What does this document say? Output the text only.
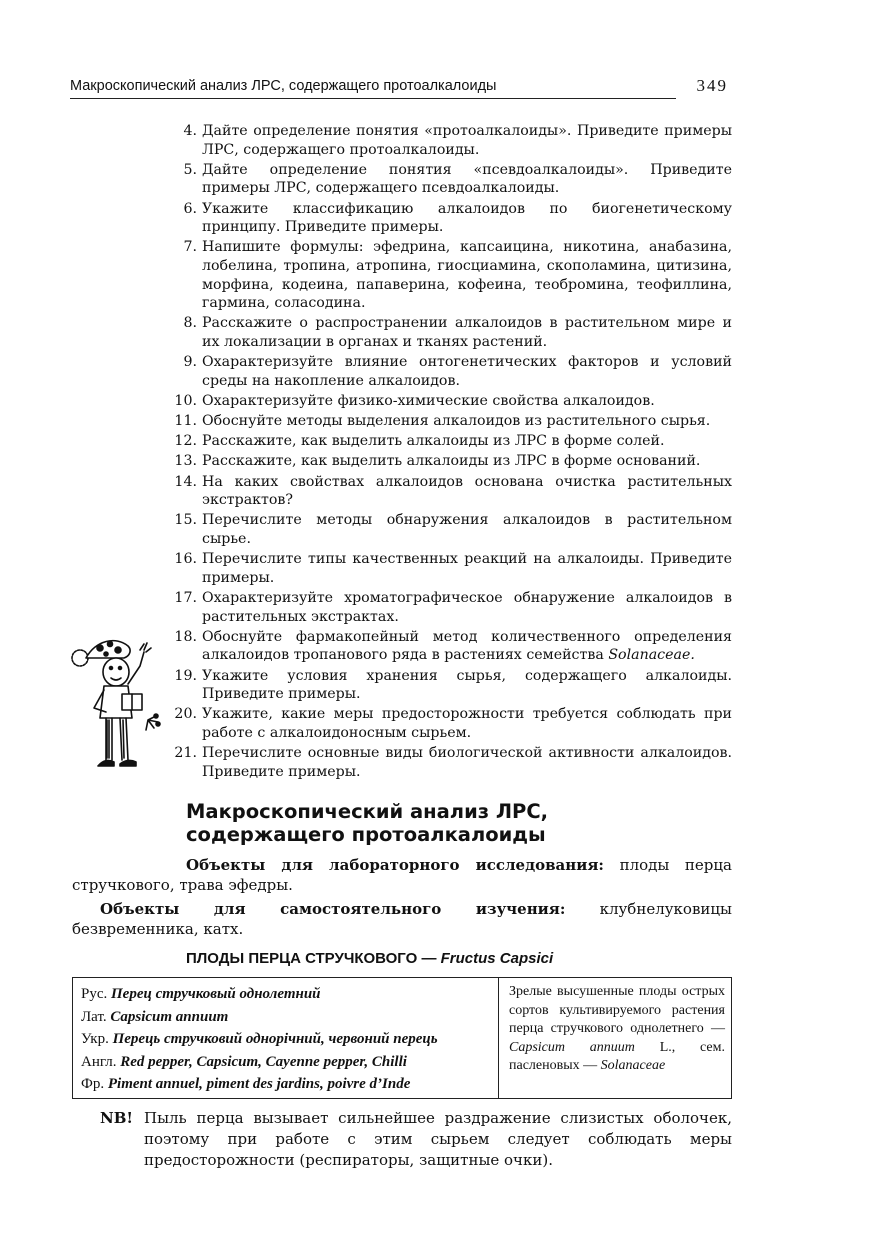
Макроскопический анализ ЛРС, содержащего протоалкалоиды	349
4. Дайте определение понятия «протоалкалоиды». Приведите примеры ЛРС, содержащего протоалкалоиды.
5. Дайте определение понятия «псевдоалкалоиды». Приведите примеры ЛРС, содержащего псевдоалкалоиды.
6. Укажите классификацию алкалоидов по биогенетическому принципу. Приведите примеры.
7. Напишите формулы: эфедрина, капсаицина, никотина, анабазина, лобелина, тропина, атропина, гиосциамина, скополамина, цитизина, морфина, кодеина, папаверина, кофеина, теобромина, теофиллина, гармина, соласодина.
8. Расскажите о распространении алкалоидов в растительном мире и их локализации в органах и тканях растений.
9. Охарактеризуйте влияние онтогенетических факторов и условий среды на накопление алкалоидов.
10. Охарактеризуйте физико-химические свойства алкалоидов.
11. Обоснуйте методы выделения алкалоидов из растительного сырья.
12. Расскажите, как выделить алкалоиды из ЛРС в форме солей.
13. Расскажите, как выделить алкалоиды из ЛРС в форме оснований.
14. На каких свойствах алкалоидов основана очистка растительных экстрактов?
15. Перечислите методы обнаружения алкалоидов в растительном сырье.
16. Перечислите типы качественных реакций на алкалоиды. Приведите примеры.
17. Охарактеризуйте хроматографическое обнаружение алкалоидов в растительных экстрактах.
18. Обоснуйте фармакопейный метод количественного определения алкалоидов тропанового ряда в растениях семейства Solanaceae.
19. Укажите условия хранения сырья, содержащего алкалоиды. Приведите примеры.
20. Укажите, какие меры предосторожности требуется соблюдать при работе с алкалоидоносным сырьем.
21. Перечислите основные виды биологической активности алкалоидов. Приведите примеры.
Макроскопический анализ ЛРС,
содержащего протоалкалоиды
Объекты для лабораторного исследования: плоды перца стручкового, трава эфедры.
Объекты для самостоятельного изучения: клубнелуковицы безвременника, катх.
ПЛОДЫ ПЕРЦА СТРУЧКОВОГО — Fructus Capsici
Рус. Перец стручковый однолетний
Лат. Capsicum annuum
Укр. Перець стручковий однорічний, червоний перець
Англ. Red pepper, Capsicum, Cayenne pepper, Chilli
Фр. Piment annuel, piment des jardins, poivre d’Inde
Зрелые высушенные плоды острых сортов культивируемого растения перца стручкового однолетнего — Capsicum annuum L., сем. пасленовых — Solanaceae
NB! Пыль перца вызывает сильнейшее раздражение слизистых оболочек, поэтому при работе с этим сырьем следует соблюдать меры предосторожности (респираторы, защитные очки).
